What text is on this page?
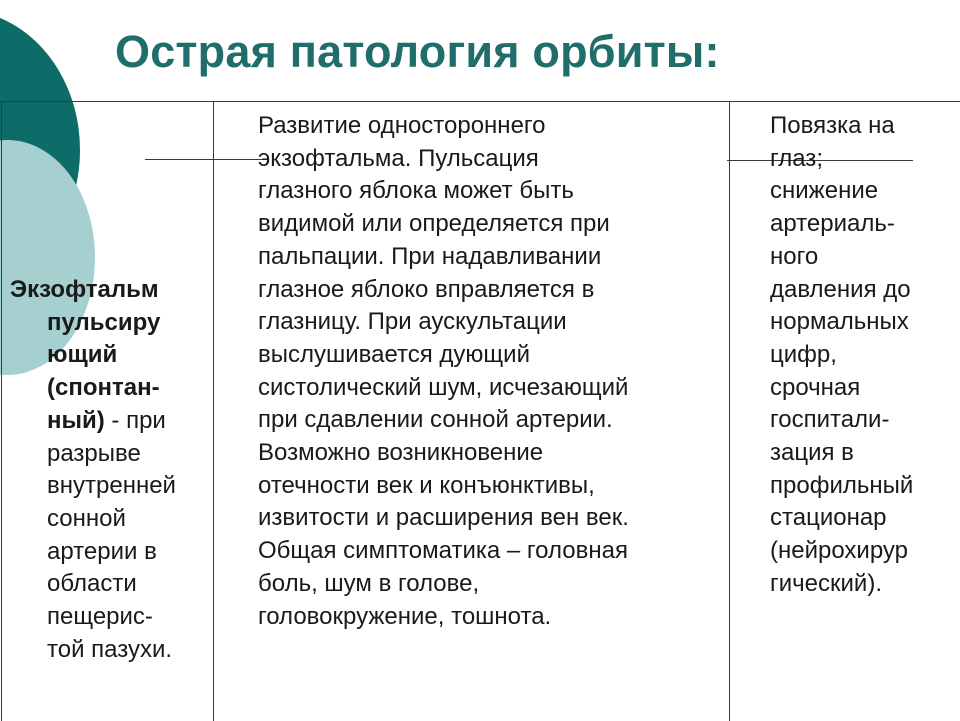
Острая патология орбиты:
Экзофтальм
пульсиру
ющий
(спонтан-
ный) - при
разрыве
внутренней
сонной
артерии в
области
пещерис-
той пазухи.
Развитие одностороннего
экзофтальма. Пульсация
глазного яблока может быть
видимой или определяется при
пальпации. При надавливании
глазное яблоко вправляется в
глазницу. При аускультации
выслушивается дующий
систолический шум, исчезающий
при сдавлении сонной артерии.
Возможно возникновение
отечности век и конъюнктивы,
извитости и расширения вен век.
Общая симптоматика – головная
боль, шум в голове,
головокружение, тошнота.
Повязка на
глаз;
снижение
артериаль-
ного
давления до
нормальных
цифр,
срочная
госпитали-
зация в
профильный
стационар
(нейрохирур
гический).
